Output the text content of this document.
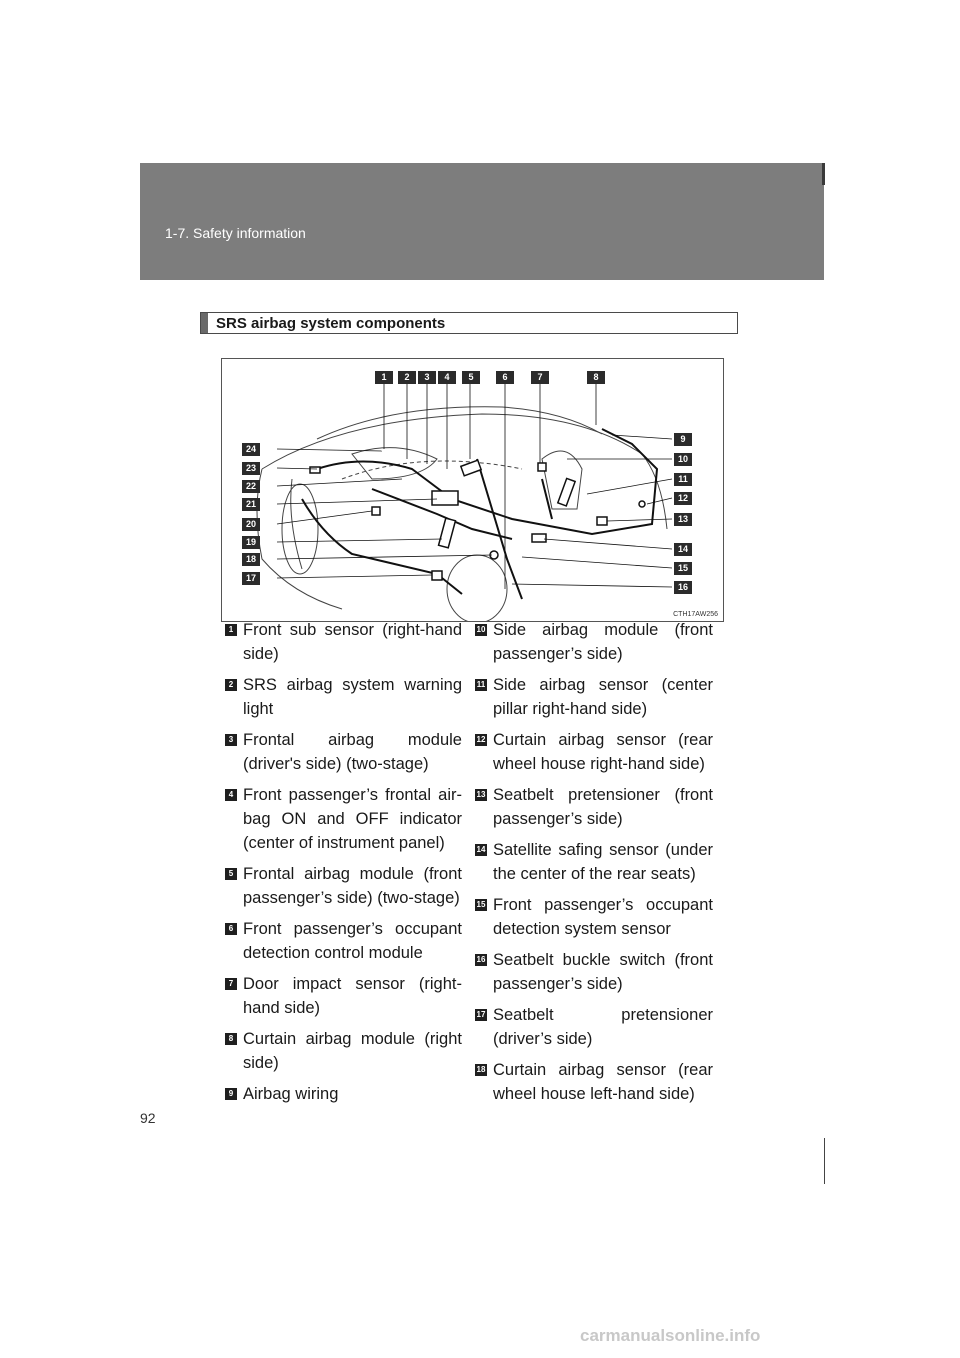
1-7. Safety information
SRS airbag system components
1	2	3	4	5	6	7	8
9
10
11
12
13
14
15
16
24
23
22
21
20
19
18
17
CTH17AW256
1 Front sub sensor (right-hand side)
2 SRS airbag system warning light
3 Frontal airbag module (driver's side) (two-stage)
4 Front passenger’s frontal air-bag ON and OFF indicator (center of instrument panel)
5 Frontal airbag module (front passenger’s side) (two-stage)
6 Front passenger’s occupant detection control module
7 Door impact sensor (right-hand side)
8 Curtain airbag module (right side)
9 Airbag wiring
10 Side airbag module (front passenger’s side)
11 Side airbag sensor (center pillar right-hand side)
12 Curtain airbag sensor (rear wheel house right-hand side)
13 Seatbelt pretensioner (front passenger’s side)
14 Satellite safing sensor (under the center of the rear seats)
15 Front passenger’s occupant detection system sensor
16 Seatbelt buckle switch (front passenger’s side)
17 Seatbelt pretensioner (driver’s side)
18 Curtain airbag sensor (rear wheel house left-hand side)
92
carmanualsonline.info
